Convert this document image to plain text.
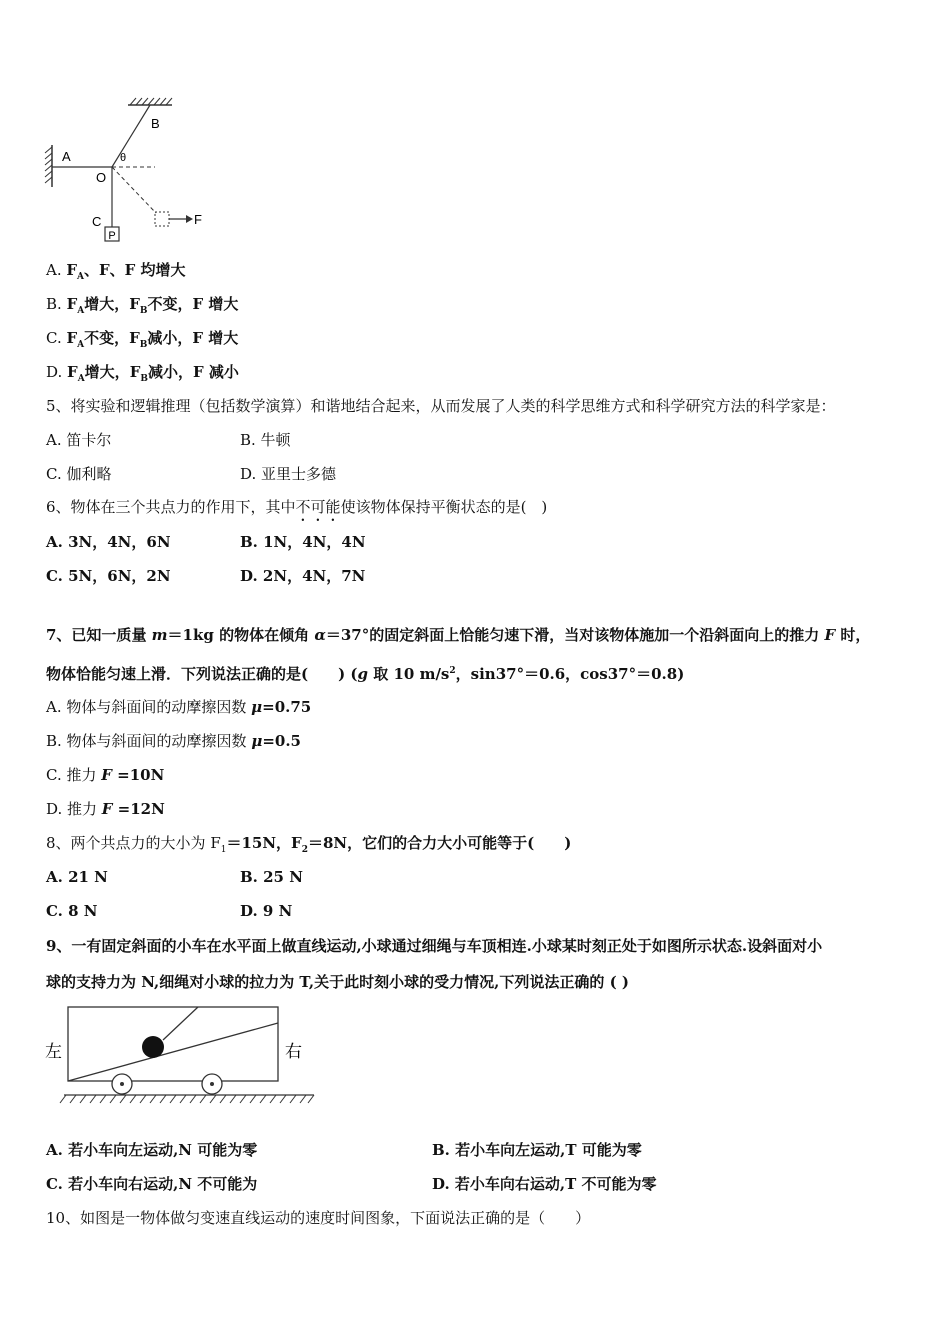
P
A
B
O
C	F
θ
A. $F_A$、F、F 均增大
B. $F_A$增大，$F_B$不变，F 增大
C. $F_A$不变，$F_B$减小，F 增大
D. $F_A$增大，$F_B$减小，F 减小
5、将实验和逻辑推理（包括数学演算）和谐地结合起来，从而发展了人类的科学思维方式和科学研究方法的科学家是：
A. 笛卡尔	B. 牛顿
C. 伽利略	D. 亚里士多德
6、物体在三个共点力的作用下，其中不可能使该物体保持平衡状态的是(　)
A. 3N，4N，6N	B. 1N，4N，4N
C. 5N，6N，2N	D. 2N，4N，7N
7、已知一质量 m＝1kg 的物体在倾角 α＝37°的固定斜面上恰能匀速下滑，当对该物体施加一个沿斜面向上的推力 F 时，
物体恰能匀速上滑．下列说法正确的是(　　) (g 取 10 $m/s^2$，sin37°＝0.6，cos37°＝0.8)
A. 物体与斜面间的动摩擦因数 μ=0.75
B. 物体与斜面间的动摩擦因数 μ=0.5
C. 推力 F =10N
D. 推力 F =12N
8、两个共点力的大小为 $F_1=15N$，$F_2=8N$，它们的合力大小可能等于(　　)
A. 21 N	B. 25 N
C. 8 N	D. 9 N
9、一有固定斜面的小车在水平面上做直线运动,小球通过细绳与车顶相连.小球某时刻正处于如图所示状态.设斜面对小
球的支持力为 N,细绳对小球的拉力为 T,关于此时刻小球的受力情况,下列说法正确的 ( )
左	右
A. 若小车向左运动,N 可能为零	B. 若小车向左运动,T 可能为零
C. 若小车向右运动,N 不可能为	D. 若小车向右运动,T 不可能为零
10、如图是一物体做匀变速直线运动的速度时间图象，下面说法正确的是（　　）
